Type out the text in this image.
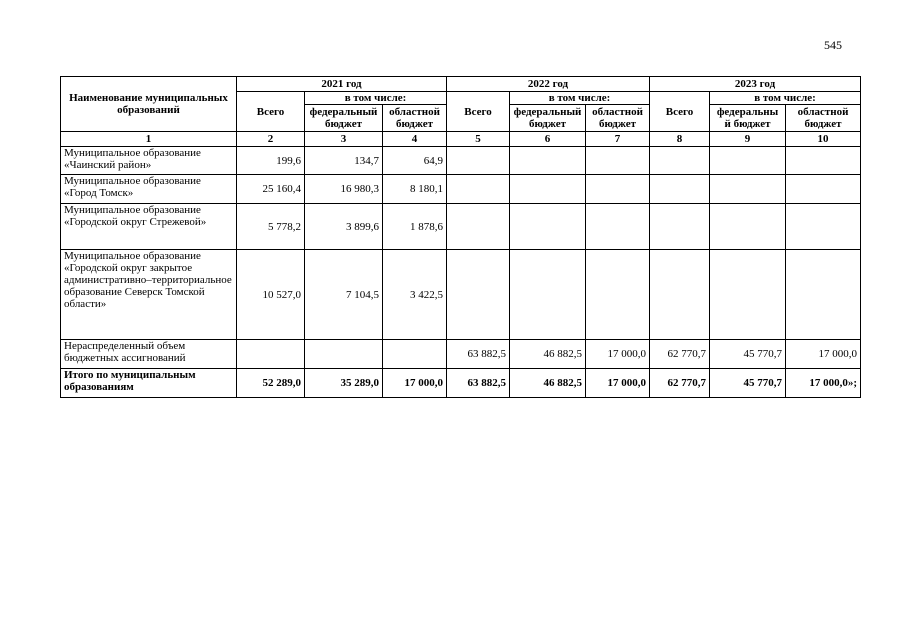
545
Наименование муниципальных образований	2021 год			2022 год			2023 год		
	Всего	в том числе:		Всего	в том числе:		Всего	в том числе:	
		федеральный бюджет	областной бюджет		федеральный бюджет	областной бюджет		федеральны й бюджет	областной бюджет
1	2	3	4	5	6	7	8	9	10
Муниципальное образование «Чаинский район»	199,6	134,7	64,9						
Муниципальное образование «Город Томск»	25 160,4	16 980,3	8 180,1						
Муниципальное образование «Городской округ Стрежевой»	5 778,2	3 899,6	1 878,6						
Муниципальное образование «Городской округ закрытое административно–территориальное образование Северск Томской области»	10 527,0	7 104,5	3 422,5						
Нераспределенный объем бюджетных ассигнований				63 882,5	46 882,5	17 000,0	62 770,7	45 770,7	17 000,0
Итого по муниципальным образованиям	52 289,0	35 289,0	17 000,0	63 882,5	46 882,5	17 000,0	62 770,7	45 770,7	17 000,0»;
